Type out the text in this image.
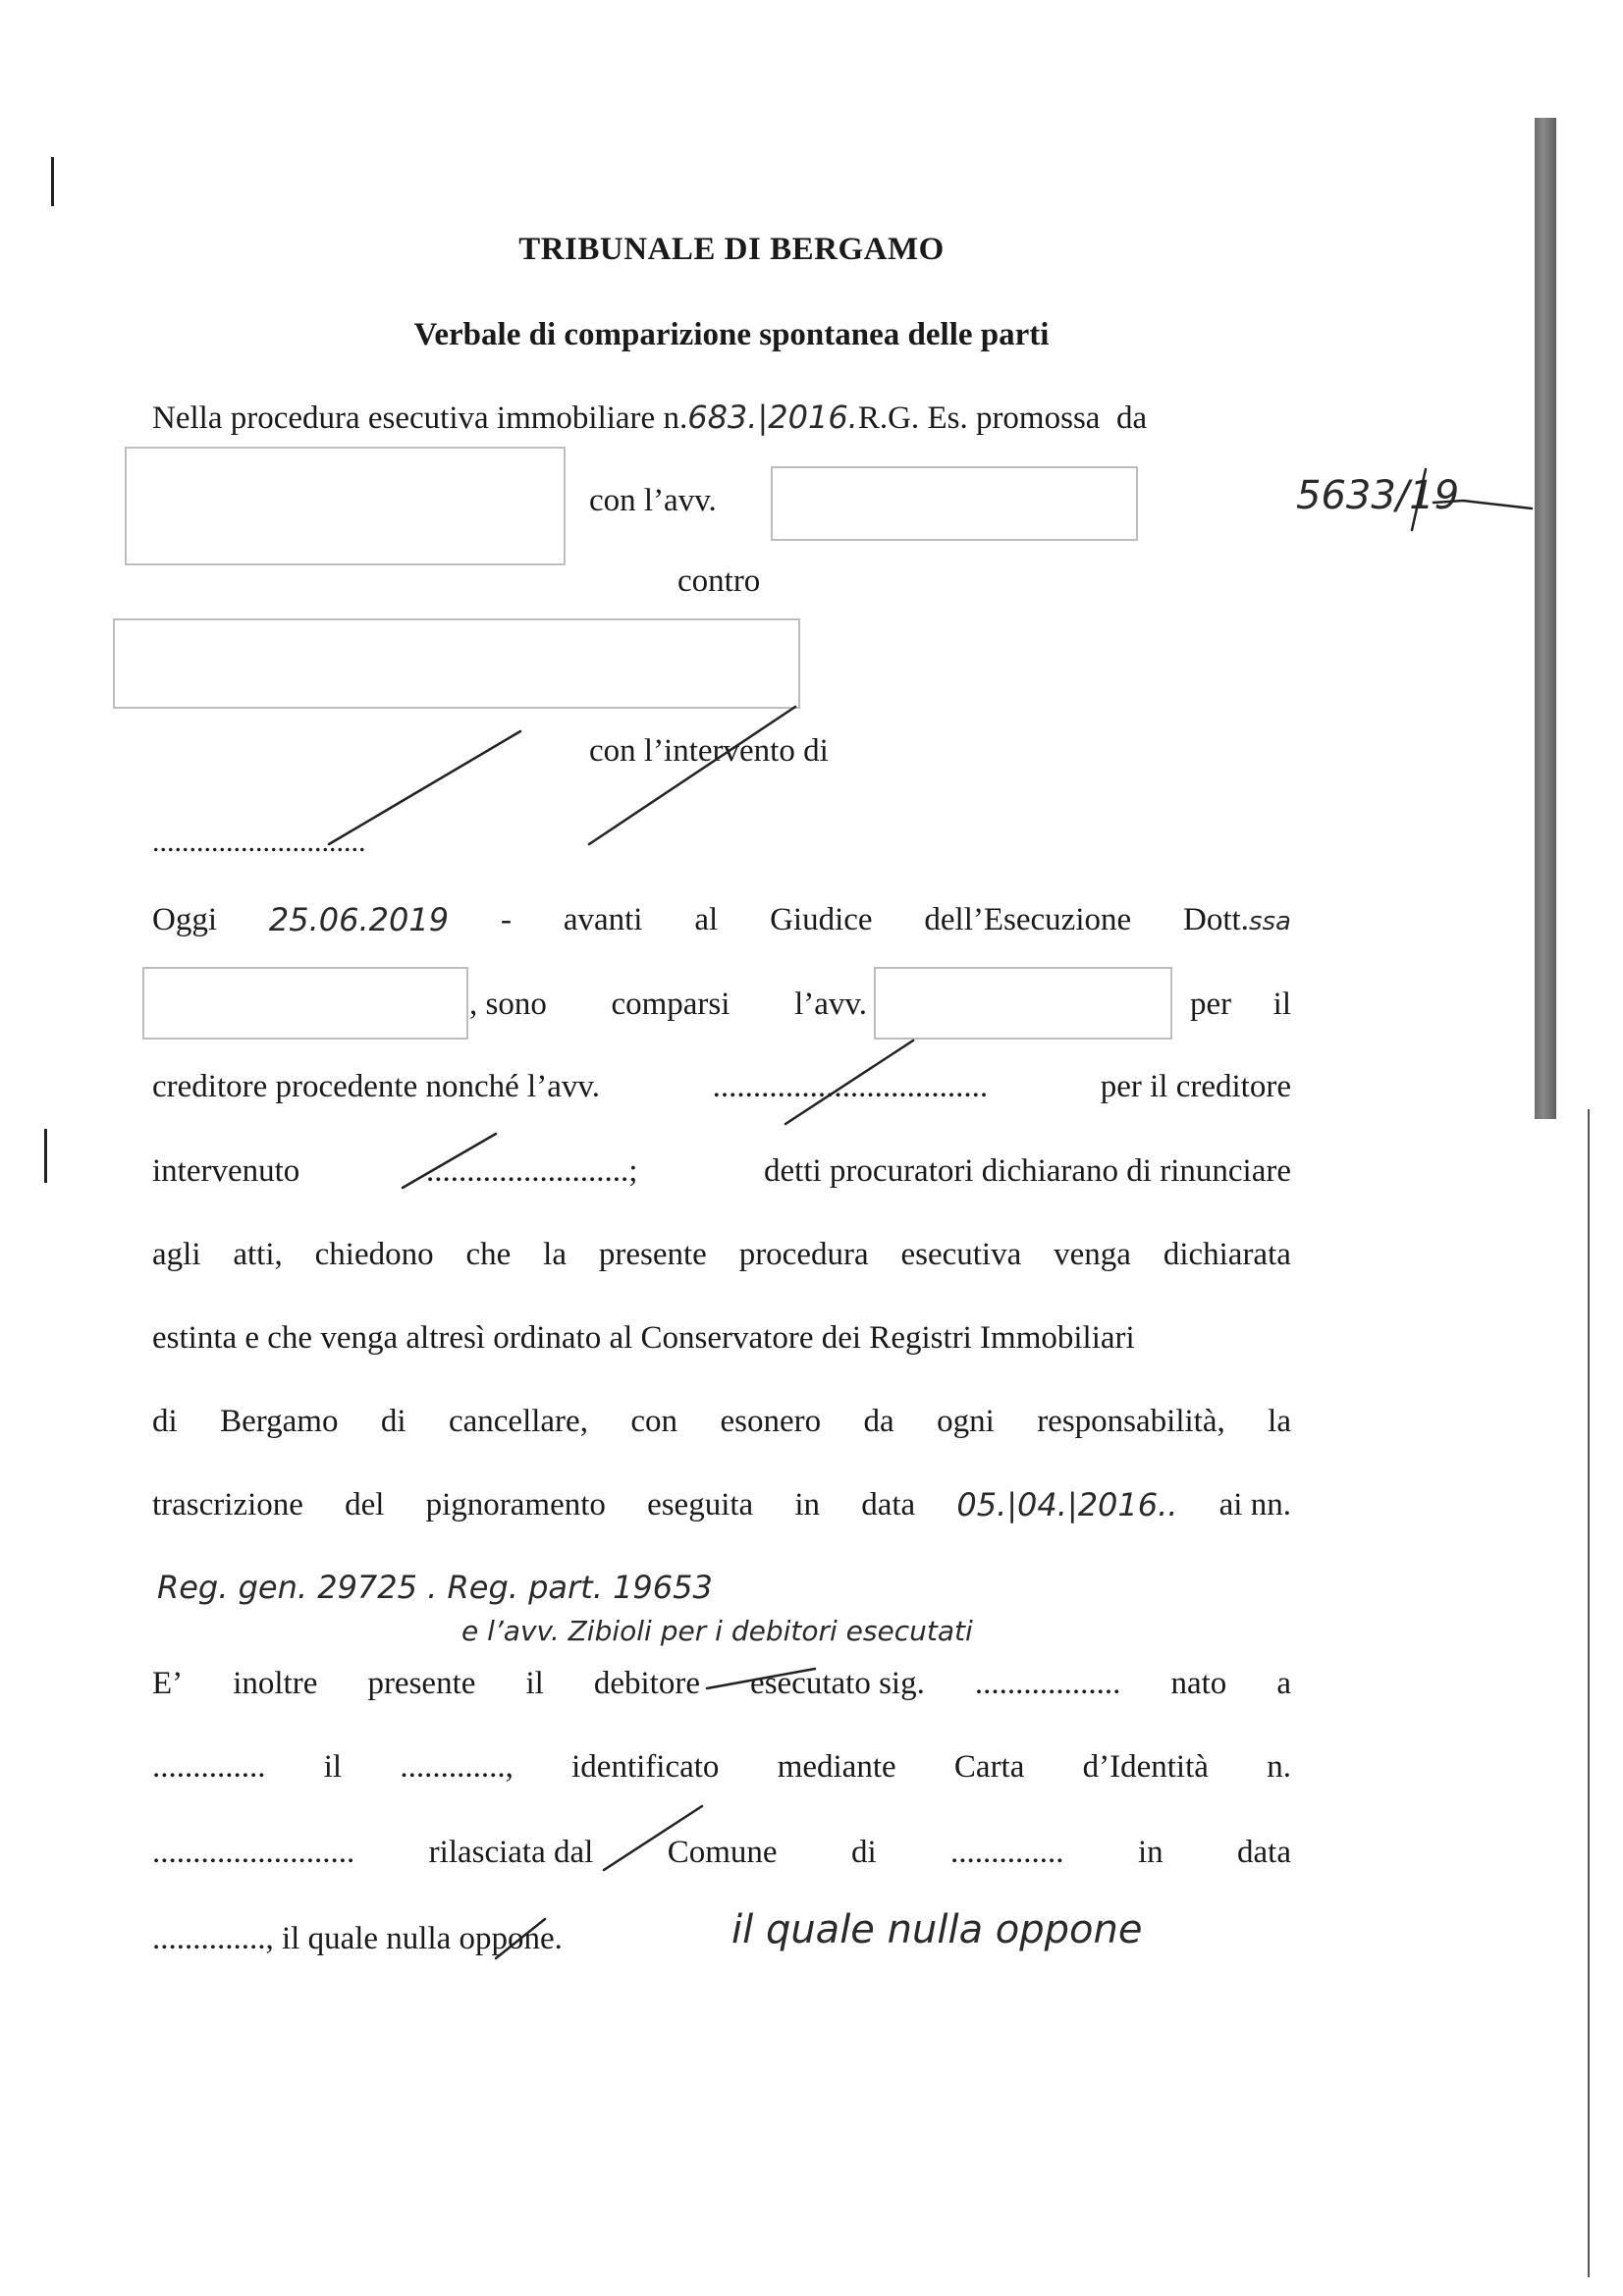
TRIBUNALE DI BERGAMO
Verbale di comparizione spontanea delle parti
Nella procedura esecutiva immobiliare n.683.|2016.R.G. Es. promossa da
5633/19
con l’avv.
contro
con l’intervento di
.............................
Oggi 25.06.2019 - avanti al Giudice dell’Esecuzione Dott.ssa
, sono comparsi l’avv.	per il
creditore procedente nonché l’avv.	..................................	per il creditore
intervenuto	.........................;	detti procuratori dichiarano di rinunciare
agli atti, chiedono che la presente procedura esecutiva venga dichiarata
estinta e che venga altresì ordinato al Conservatore dei Registri Immobiliari
di Bergamo di cancellare, con esonero da ogni responsabilità, la
trascrizione del pignoramento eseguita in data 05.|04.|2016.. ai nn.
Reg. gen. 29725 . Reg. part. 19653
e l’avv. Zibioli per i debitori esecutati
E’ inoltre presente il debitore esecutato sig. .................. nato a
.............. il ............., identificato mediante Carta d’Identità n.
......................... rilasciata dal Comune di .............. in data
.............., il quale nulla oppone.	il quale nulla oppone
